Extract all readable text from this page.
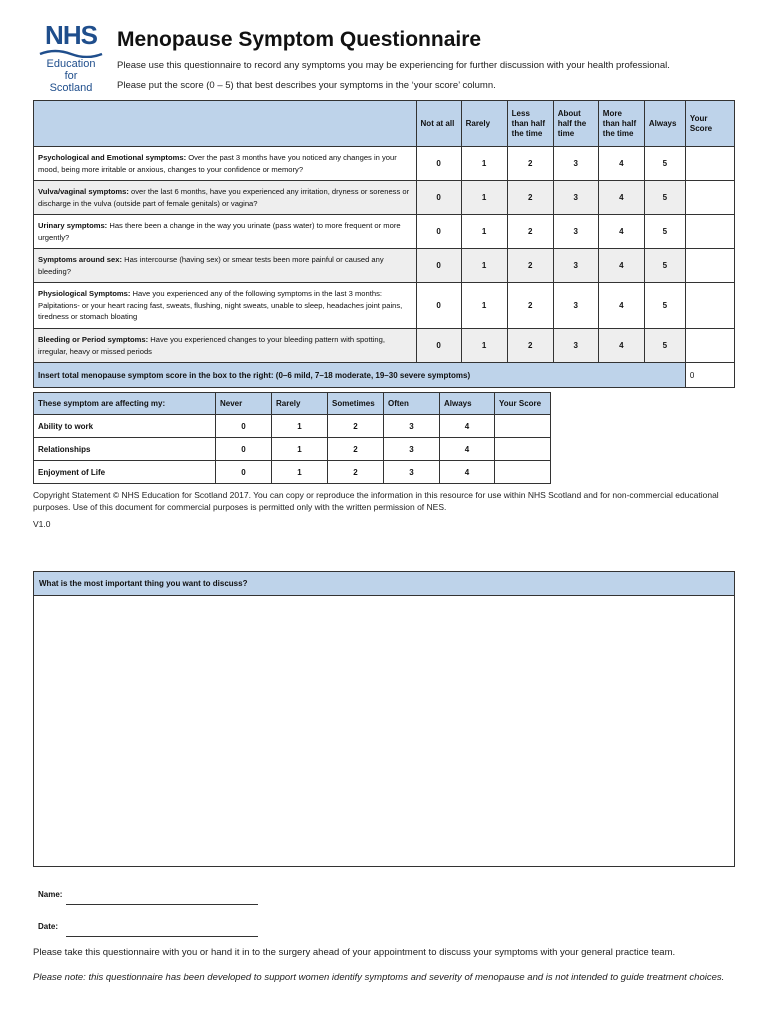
NHS
Education
for
Scotland
Menopause Symptom Questionnaire
Please use this questionnaire to record any symptoms you may be experiencing for further discussion with your health professional.
Please put the score (0 – 5) that best describes your symptoms in the ‘your score’ column.
	Not at all	Rarely	Less than half the time	About half the time	More than half the time	Always	Your Score
Psychological and Emotional symptoms: Over the past 3 months have you noticed any changes in your mood, being more irritable or anxious, changes to your confidence or memory?	0	1	2	3	4	5	
Vulva/vaginal symptoms: over the last 6 months, have you experienced any irritation, dryness or soreness or discharge in the vulva (outside part of female genitals) or vagina?	0	1	2	3	4	5	
Urinary symptoms: Has there been a change in the way you urinate (pass water) to more frequent or more urgently?	0	1	2	3	4	5	
Symptoms around sex: Has intercourse (having sex) or smear tests been more painful or caused any bleeding?	0	1	2	3	4	5	
Physiological Symptoms: Have you experienced any of the following symptoms in the last 3 months: Palpitations- or your heart racing fast, sweats, flushing, night sweats, unable to sleep, headaches joint pains, tiredness or stomach bloating	0	1	2	3	4	5	
Bleeding or Period symptoms: Have you experienced changes to your bleeding pattern with spotting, irregular, heavy or missed periods	0	1	2	3	4	5	
Insert total menopause symptom score in the box to the right: (0–6 mild, 7–18 moderate, 19–30 severe symptoms)							0
These symptom are affecting my:	Never	Rarely	Sometimes	Often	Always	Your Score
Ability to work	0	1	2	3	4	
Relationships	0	1	2	3	4	
Enjoyment of Life	0	1	2	3	4	
Copyright Statement © NHS Education for Scotland 2017. You can copy or reproduce the information in this resource for use within NHS Scotland and for non-commercial educational purposes. Use of this document for commercial purposes is permitted only with the written permission of NES.
V1.0
What is the most important thing you want to discuss?
Name:
Date:
Please take this questionnaire with you or hand it in to the surgery ahead of your appointment to discuss your symptoms with your general practice team.
Please note: this questionnaire has been developed to support women identify symptoms and severity of menopause and is not intended to guide treatment choices.
